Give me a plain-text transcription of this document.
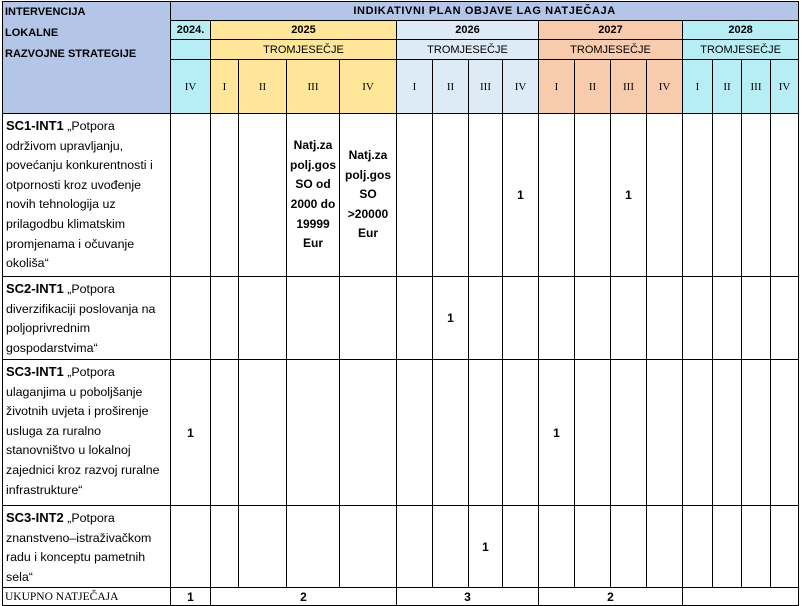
INTERVENCIJA
LOKALNE
RAZVOJNE STRATEGIJE	INDIKATIVNI PLAN OBJAVE LAG NATJEČAJA																
	2024.	2025				2026				2027				2028			
		TROMJESEČJE				TROMJESEČJE				TROMJESEČJE				TROMJESEČJE			
	IV	I	II	III	IV	I	II	III	IV	I	II	III	IV	I	II	III	IV
SC1-INT1 „Potpora održivom upravljanju, povećanju konkurentnosti i otpornosti kroz uvođenje novih tehnologija uz prilagodbu klimatskim promjenama i očuvanje okoliša“				Natj.za polj.gos SO od 2000 do 19999 Eur	Natj.za polj.gos SO >20000 Eur				1			1					
SC2-INT1 „Potpora diverzifikaciji poslovanja na poljoprivrednim gospodarstvima“							1										
SC3-INT1 „Potpora ulaganjima u poboljšanje životnih uvjeta i proširenje usluga za ruralno stanovništvo u lokalnoj zajednici kroz razvoj ruralne infrastrukture“	1									1							
SC3-INT2 „Potpora znanstveno–istraživačkom radu i konceptu pametnih sela“								1									
UKUPNO NATJEČAJA	1	2				3				2							
